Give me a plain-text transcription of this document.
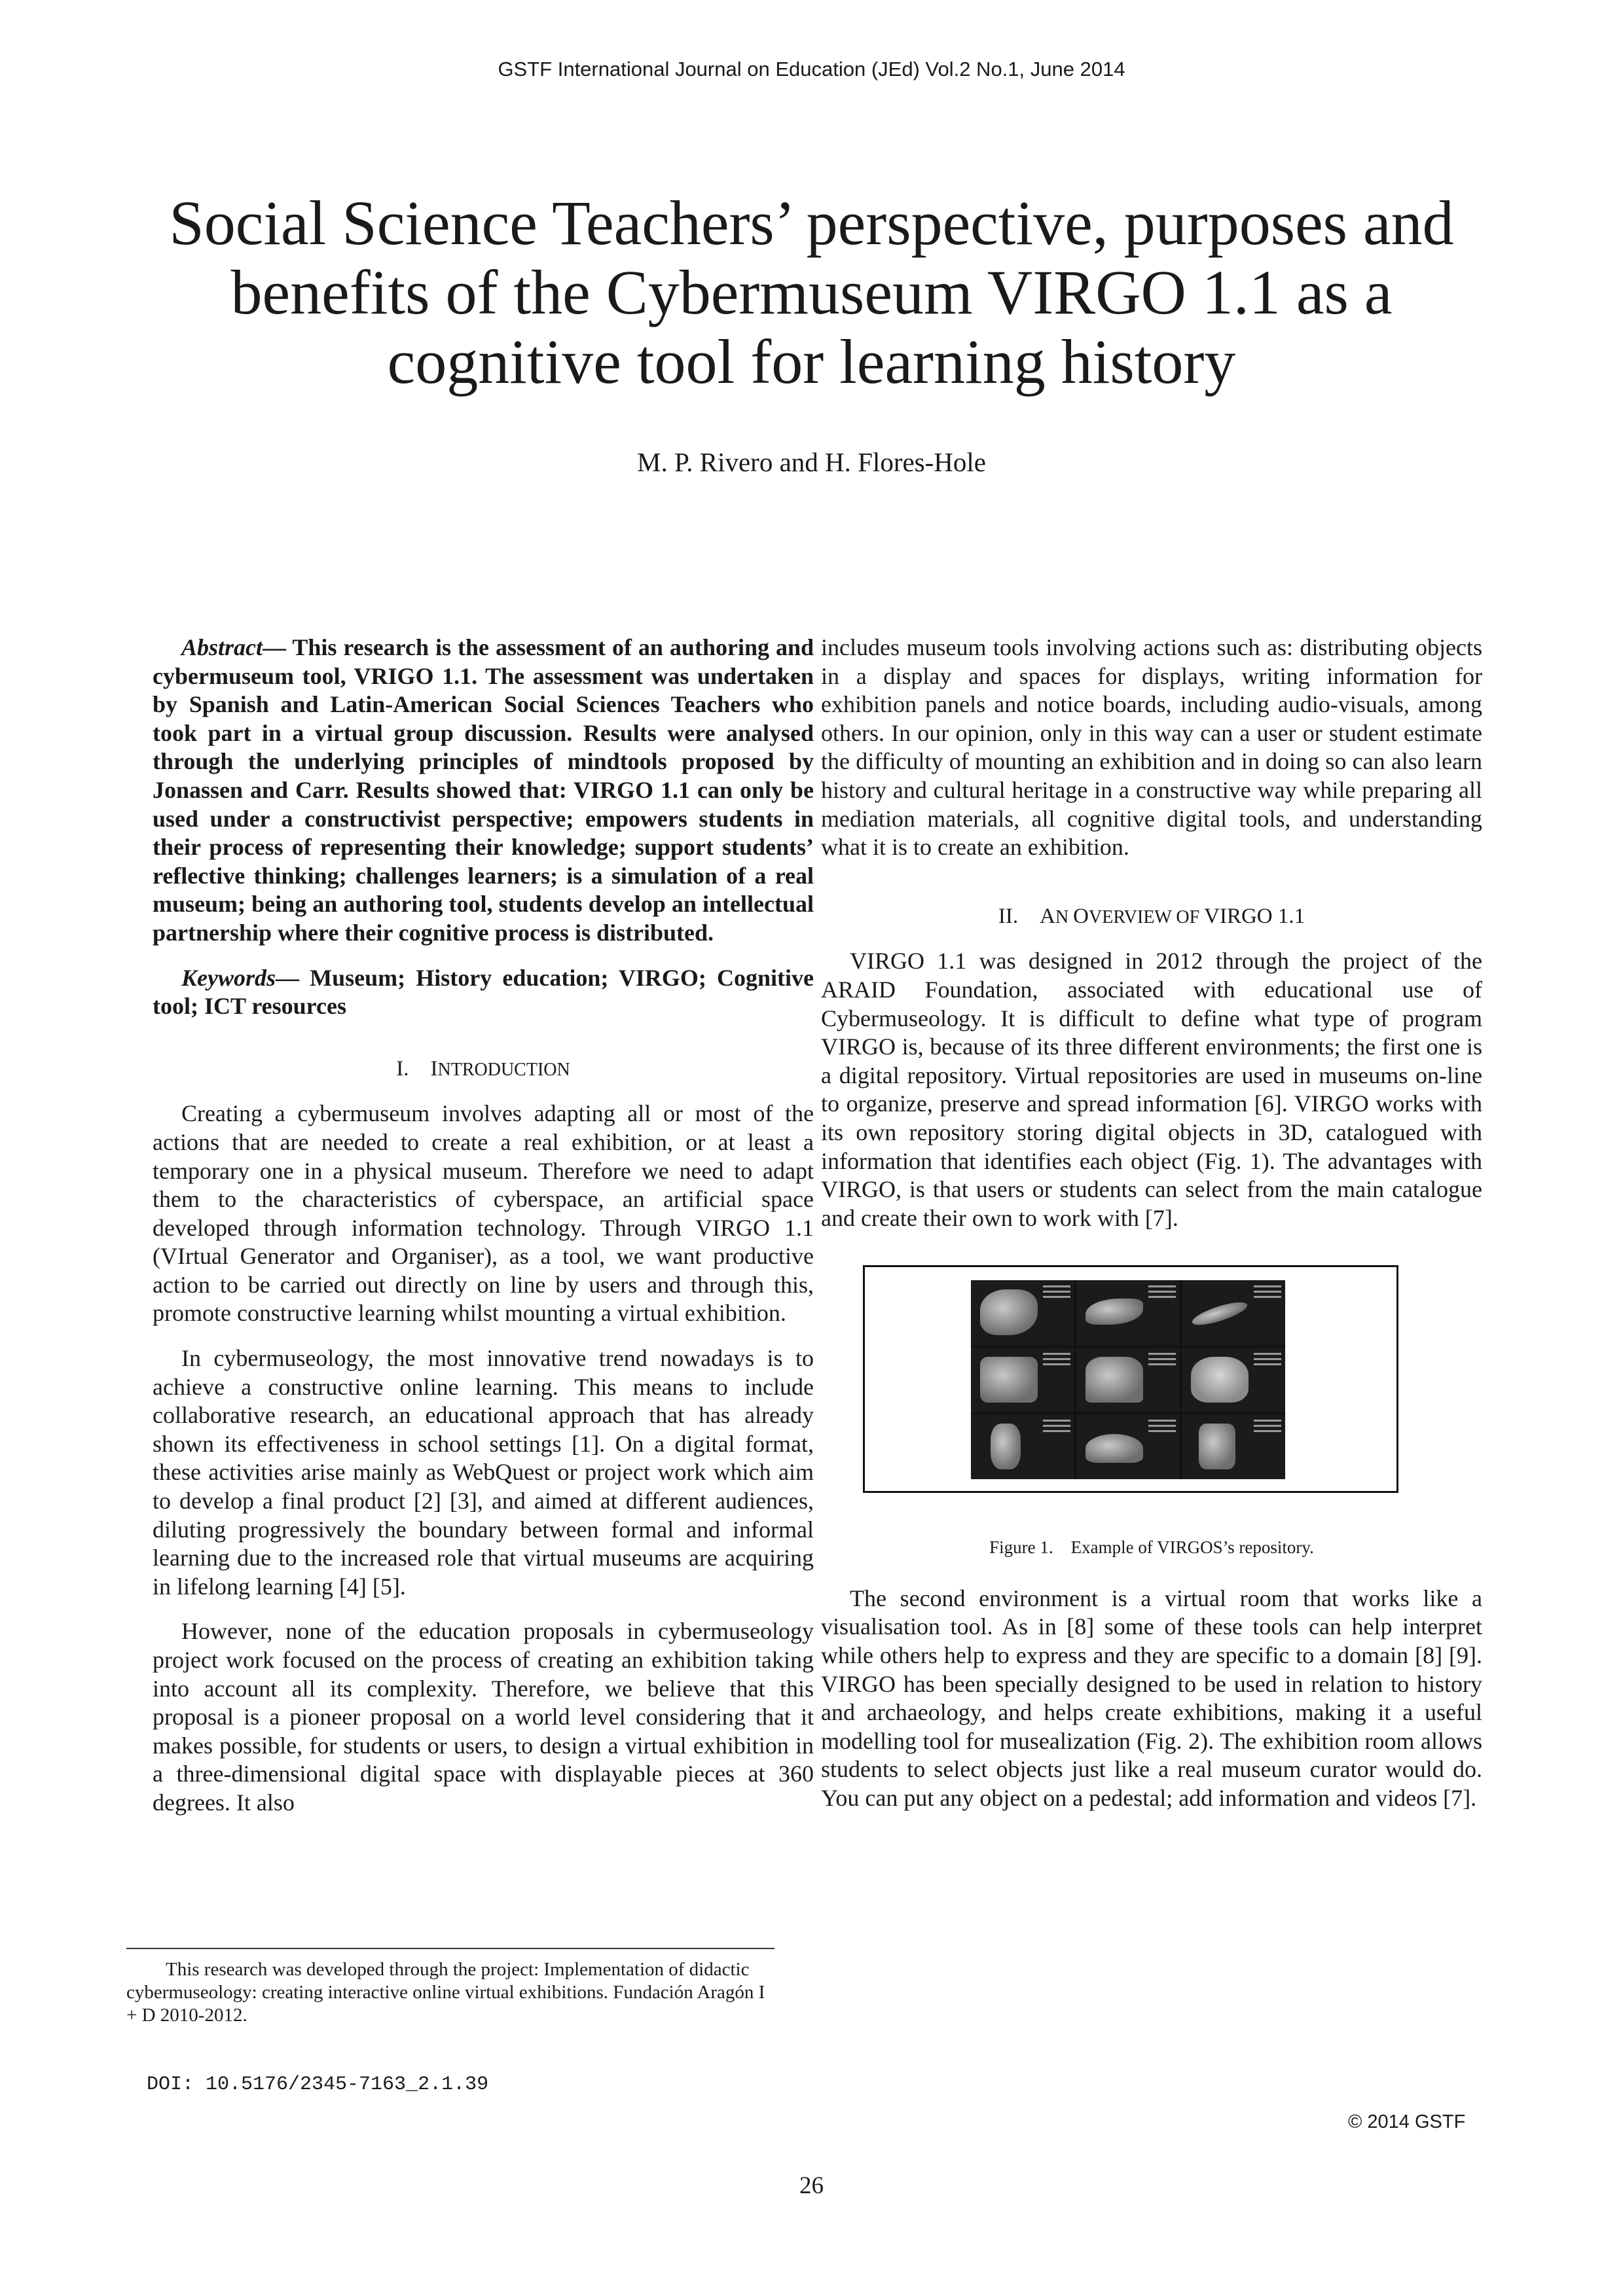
GSTF International Journal on Education (JEd) Vol.2 No.1, June 2014
Social Science Teachers’ perspective, purposes and
benefits of the Cybermuseum VIRGO 1.1 as a
cognitive tool for learning history
M. P. Rivero and H. Flores-Hole

Abstract— This research is the assessment of an authoring and cybermuseum tool, VRIGO 1.1. The assessment was undertaken by Spanish and Latin-American Social Sciences Teachers who took part in a virtual group discussion. Results were analysed through the underlying principles of mindtools proposed by Jonassen and Carr. Results showed that: VIRGO 1.1 can only be used under a constructivist perspective; empowers students in their process of representing their knowledge; support students’ reflective thinking; challenges learners; is a simulation of a real museum; being an authoring tool, students develop an intellectual partnership where their cognitive process is distributed.

Keywords— Museum; History education; VIRGO; Cognitive tool; ICT resources

I. INTRODUCTION

Creating a cybermuseum involves adapting all or most of the actions that are needed to create a real exhibition, or at least a temporary one in a physical museum. Therefore we need to adapt them to the characteristics of cyberspace, an artificial space developed through information technology. Through VIRGO 1.1 (VIrtual Generator and Organiser), as a tool, we want productive action to be carried out directly on line by users and through this, promote constructive learning whilst mounting a virtual exhibition.

In cybermuseology, the most innovative trend nowadays is to achieve a constructive online learning. This means to include collaborative research, an educational approach that has already shown its effectiveness in school settings [1]. On a digital format, these activities arise mainly as WebQuest or project work which aim to develop a final product [2] [3], and aimed at different audiences, diluting progressively the boundary between formal and informal learning due to the increased role that virtual museums are acquiring in lifelong learning [4] [5].

However, none of the education proposals in cybermuseology project work focused on the process of creating an exhibition taking into account all its complexity. Therefore, we believe that this proposal is a pioneer proposal on a world level considering that it makes possible, for students or users, to design a virtual exhibition in a three-dimensional digital space with displayable pieces at 360 degrees. It also

includes museum tools involving actions such as: distributing objects in a display and spaces for displays, writing information for exhibition panels and notice boards, including audio-visuals, among others. In our opinion, only in this way can a user or student estimate the difficulty of mounting an exhibition and in doing so can also learn history and cultural heritage in a constructive way while preparing all mediation materials, all cognitive digital tools, and understanding what it is to create an exhibition.

II. AN OVERVIEW OF VIRGO 1.1

VIRGO 1.1 was designed in 2012 through the project of the ARAID Foundation, associated with educational use of Cybermuseology. It is difficult to define what type of program VIRGO is, because of its three different environments; the first one is a digital repository. Virtual repositories are used in museums on-line to organize, preserve and spread information [6]. VIRGO works with its own repository storing digital objects in 3D, catalogued with information that identifies each object (Fig. 1). The advantages with VIRGO, is that users or students can select from the main catalogue and create their own to work with [7].

Figure 1. Example of VIRGOS’s repository.

The second environment is a virtual room that works like a visualisation tool. As in [8] some of these tools can help interpret while others help to express and they are specific to a domain [8] [9]. VIRGO has been specially designed to be used in relation to history and archaeology, and helps create exhibitions, making it a useful modelling tool for musealization (Fig. 2). The exhibition room allows students to select objects just like a real museum curator would do. You can put any object on a pedestal; add information and videos [7].

This research was developed through the project: Implementation of didactic cybermuseology: creating interactive online virtual exhibitions. Fundación Aragón I + D 2010-2012.

DOI: 10.5176/2345-7163_2.1.39
© 2014 GSTF
26
